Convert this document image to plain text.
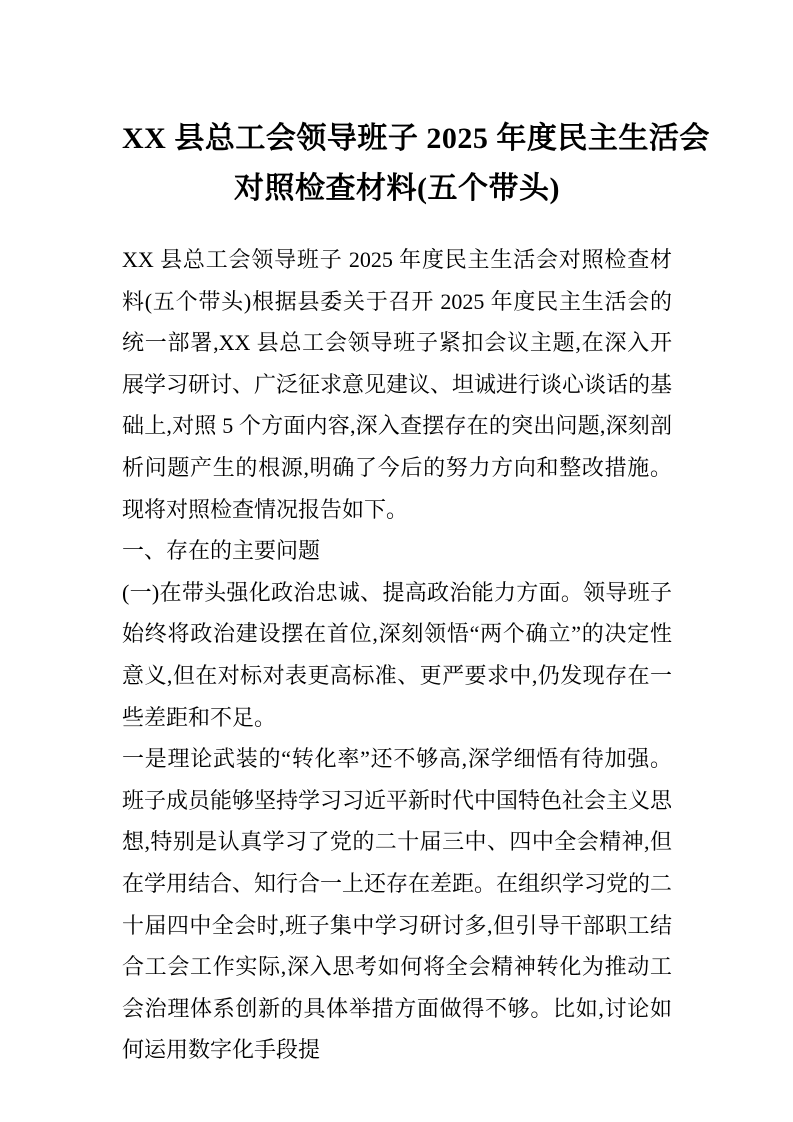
XX 县总工会领导班子 2025 年度民主生活会
对照检查材料(五个带头)

XX 县总工会领导班子 2025 年度民主生活会对照检查材料(五个带头)根据县委关于召开 2025 年度民主生活会的统一部署,XX 县总工会领导班子紧扣会议主题,在深入开展学习研讨、广泛征求意见建议、坦诚进行谈心谈话的基础上,对照 5 个方面内容,深入查摆存在的突出问题,深刻剖析问题产生的根源,明确了今后的努力方向和整改措施。现将对照检查情况报告如下。

一、存在的主要问题

(一)在带头强化政治忠诚、提高政治能力方面。领导班子始终将政治建设摆在首位,深刻领悟“两个确立”的决定性意义,但在对标对表更高标准、更严要求中,仍发现存在一些差距和不足。

一是理论武装的“转化率”还不够高,深学细悟有待加强。班子成员能够坚持学习习近平新时代中国特色社会主义思想,特别是认真学习了党的二十届三中、四中全会精神,但在学用结合、知行合一上还存在差距。在组织学习党的二十届四中全会时,班子集中学习研讨多,但引导干部职工结合工会工作实际,深入思考如何将全会精神转化为推动工会治理体系创新的具体举措方面做得不够。比如,讨论如何运用数字化手段提
